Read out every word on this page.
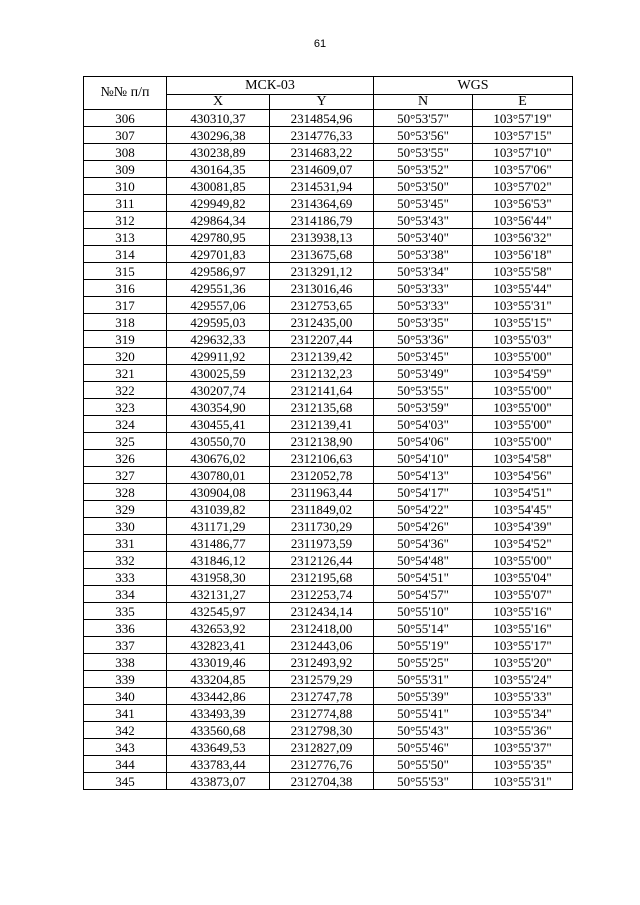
61
№№ п/п	МСК-03		WGS	
	X	Y	N	E
306	430310,37	2314854,96	50°53'57"	103°57'19"
307	430296,38	2314776,33	50°53'56"	103°57'15"
308	430238,89	2314683,22	50°53'55"	103°57'10"
309	430164,35	2314609,07	50°53'52"	103°57'06"
310	430081,85	2314531,94	50°53'50"	103°57'02"
311	429949,82	2314364,69	50°53'45"	103°56'53"
312	429864,34	2314186,79	50°53'43"	103°56'44"
313	429780,95	2313938,13	50°53'40"	103°56'32"
314	429701,83	2313675,68	50°53'38"	103°56'18"
315	429586,97	2313291,12	50°53'34"	103°55'58"
316	429551,36	2313016,46	50°53'33"	103°55'44"
317	429557,06	2312753,65	50°53'33"	103°55'31"
318	429595,03	2312435,00	50°53'35"	103°55'15"
319	429632,33	2312207,44	50°53'36"	103°55'03"
320	429911,92	2312139,42	50°53'45"	103°55'00"
321	430025,59	2312132,23	50°53'49"	103°54'59"
322	430207,74	2312141,64	50°53'55"	103°55'00"
323	430354,90	2312135,68	50°53'59"	103°55'00"
324	430455,41	2312139,41	50°54'03"	103°55'00"
325	430550,70	2312138,90	50°54'06"	103°55'00"
326	430676,02	2312106,63	50°54'10"	103°54'58"
327	430780,01	2312052,78	50°54'13"	103°54'56"
328	430904,08	2311963,44	50°54'17"	103°54'51"
329	431039,82	2311849,02	50°54'22"	103°54'45"
330	431171,29	2311730,29	50°54'26"	103°54'39"
331	431486,77	2311973,59	50°54'36"	103°54'52"
332	431846,12	2312126,44	50°54'48"	103°55'00"
333	431958,30	2312195,68	50°54'51"	103°55'04"
334	432131,27	2312253,74	50°54'57"	103°55'07"
335	432545,97	2312434,14	50°55'10"	103°55'16"
336	432653,92	2312418,00	50°55'14"	103°55'16"
337	432823,41	2312443,06	50°55'19"	103°55'17"
338	433019,46	2312493,92	50°55'25"	103°55'20"
339	433204,85	2312579,29	50°55'31"	103°55'24"
340	433442,86	2312747,78	50°55'39"	103°55'33"
341	433493,39	2312774,88	50°55'41"	103°55'34"
342	433560,68	2312798,30	50°55'43"	103°55'36"
343	433649,53	2312827,09	50°55'46"	103°55'37"
344	433783,44	2312776,76	50°55'50"	103°55'35"
345	433873,07	2312704,38	50°55'53"	103°55'31"
